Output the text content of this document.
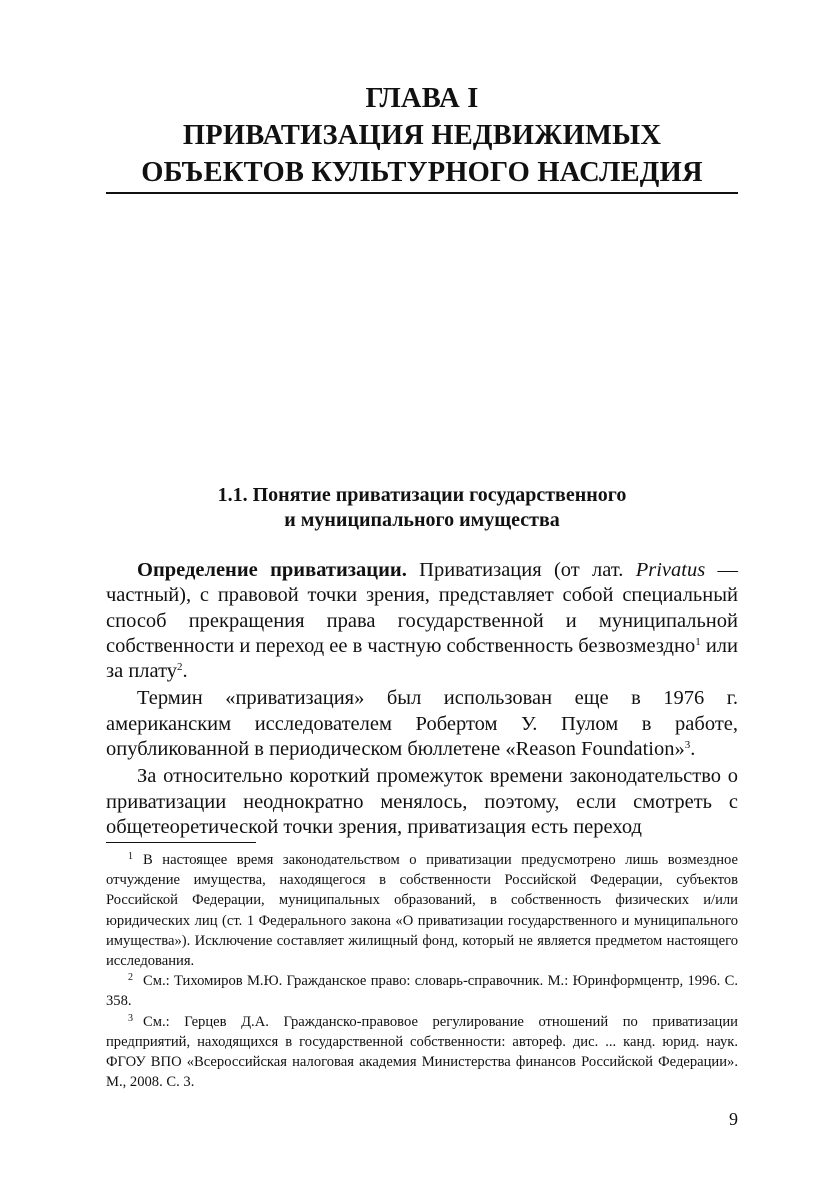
ГЛАВА I
ПРИВАТИЗАЦИЯ НЕДВИЖИМЫХ
ОБЪЕКТОВ КУЛЬТУРНОГО НАСЛЕДИЯ
1.1. Понятие приватизации государственного
и муниципального имущества

Определение приватизации. Приватизация (от лат. Privatus — частный), с правовой точки зрения, представляет собой специальный способ прекращения права государственной и муниципальной собственности и переход ее в частную собственность безвозмездно$^1$ или за плату$^2$.

Термин «приватизация» был использован еще в 1976 г. американским исследователем Робертом У. Пулом в работе, опубликованной в периодическом бюллетене «Reason Foundation»$^3$.

За относительно короткий промежуток времени законодательство о приватизации неоднократно менялось, поэтому, если смотреть с общетеоретической точки зрения, приватизация есть переход

$^1$ В настоящее время законодательством о приватизации предусмотрено лишь возмездное отчуждение имущества, находящегося в собственности Российской Федерации, субъектов Российской Федерации, муниципальных образований, в собственность физических и/или юридических лиц (ст. 1 Федерального закона «О приватизации государственного и муниципального имущества»). Исключение составляет жилищный фонд, который не является предметом настоящего исследования.

$^2$ См.: Тихомиров М.Ю. Гражданское право: словарь-справочник. М.: Юринформцентр, 1996. С. 358.

$^3$ См.: Герцев Д.А. Гражданско-правовое регулирование отношений по приватизации предприятий, находящихся в государственной собственности: автореф. дис. ... канд. юрид. наук. ФГОУ ВПО «Всероссийская налоговая академия Министерства финансов Российской Федерации». М., 2008. С. 3.

9
